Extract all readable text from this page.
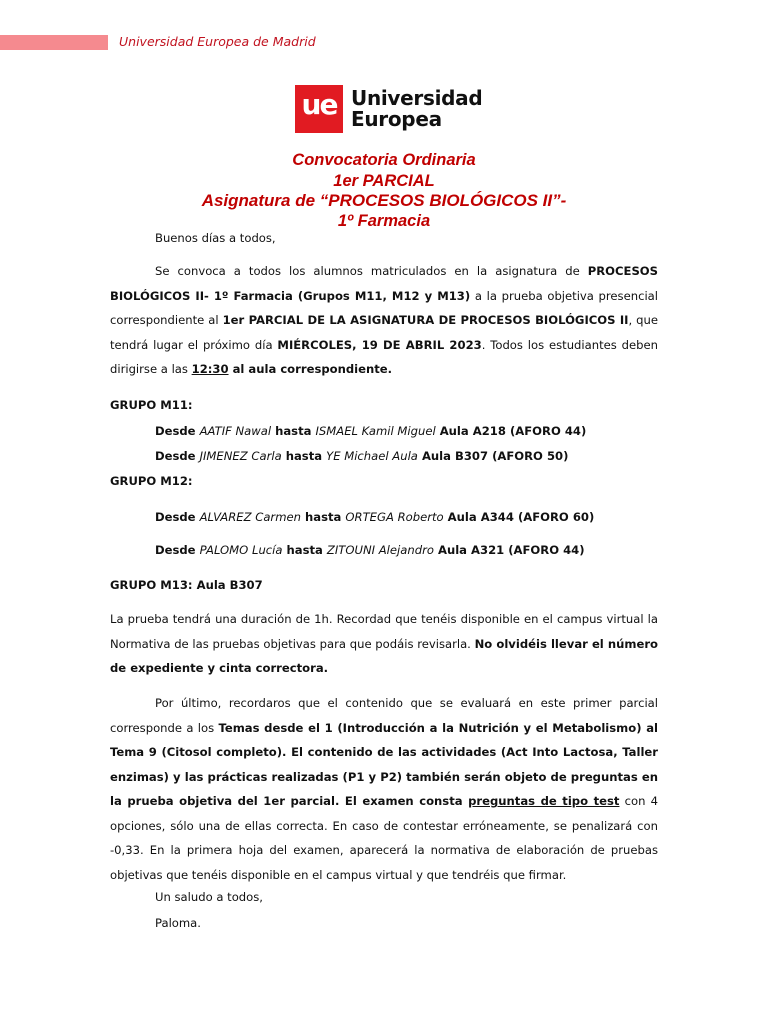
Universidad Europea de Madrid
ue Universidad
Europea

Convocatoria Ordinaria

1er PARCIAL

Asignatura de “PROCESOS BIOLÓGICOS II”-

1º Farmacia

Buenos días a todos,

Se convoca a todos los alumnos matriculados en la asignatura de PROCESOS BIOLÓGICOS II- 1º Farmacia (Grupos M11, M12 y M13) a la prueba objetiva presencial correspondiente al 1er PARCIAL DE LA ASIGNATURA DE PROCESOS BIOLÓGICOS II, que tendrá lugar el próximo día MIÉRCOLES, 19 DE ABRIL 2023. Todos los estudiantes deben dirigirse a las 12:30 al aula correspondiente.

GRUPO M11:

Desde AATIF Nawal hasta ISMAEL Kamil Miguel Aula A218 (AFORO 44)

Desde JIMENEZ Carla hasta YE Michael Aula Aula B307 (AFORO 50)

GRUPO M12:

Desde ALVAREZ Carmen hasta ORTEGA Roberto Aula A344 (AFORO 60)

Desde PALOMO Lucía hasta ZITOUNI Alejandro Aula A321 (AFORO 44)

GRUPO M13: Aula B307

La prueba tendrá una duración de 1h. Recordad que tenéis disponible en el campus virtual la Normativa de las pruebas objetivas para que podáis revisarla. No olvidéis llevar el número de expediente y cinta correctora.

Por último, recordaros que el contenido que se evaluará en este primer parcial corresponde a los Temas desde el 1 (Introducción a la Nutrición y el Metabolismo) al Tema 9 (Citosol completo). El contenido de las actividades (Act Into Lactosa, Taller enzimas) y las prácticas realizadas (P1 y P2) también serán objeto de preguntas en la prueba objetiva del 1er parcial. El examen consta preguntas de tipo test con 4 opciones, sólo una de ellas correcta. En caso de contestar erróneamente, se penalizará con -0,33. En la primera hoja del examen, aparecerá la normativa de elaboración de pruebas objetivas que tenéis disponible en el campus virtual y que tendréis que firmar.

Un saludo a todos,

Paloma.
